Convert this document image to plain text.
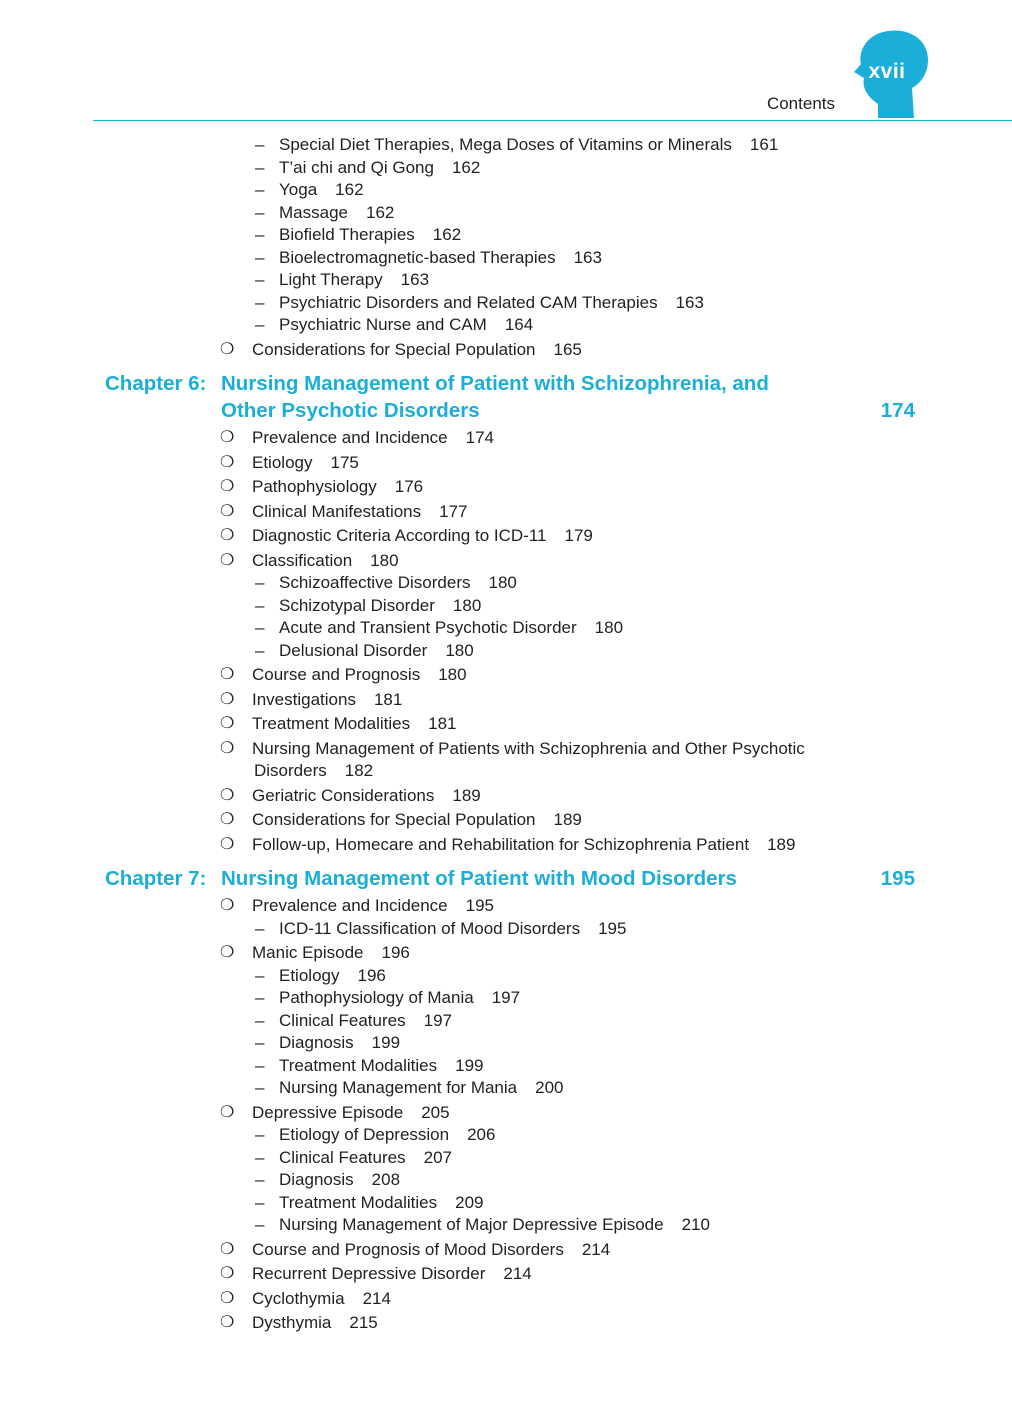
xvii
Contents
– Special Diet Therapies, Mega Doses of Vitamins or Minerals 161
– T’ai chi and Qi Gong 162
– Yoga 162
– Massage 162
– Biofield Therapies 162
– Bioelectromagnetic-based Therapies 163
– Light Therapy 163
– Psychiatric Disorders and Related CAM Therapies 163
– Psychiatric Nurse and CAM 164
❍ Considerations for Special Population 165
Chapter 6: Nursing Management of Patient with Schizophrenia, and Other Psychotic Disorders	174
❍ Prevalence and Incidence 174
❍ Etiology 175
❍ Pathophysiology 176
❍ Clinical Manifestations 177
❍ Diagnostic Criteria According to ICD-11 179
❍ Classification 180
– Schizoaffective Disorders 180
– Schizotypal Disorder 180
– Acute and Transient Psychotic Disorder 180
– Delusional Disorder 180
❍ Course and Prognosis 180
❍ Investigations 181
❍ Treatment Modalities 181
❍ Nursing Management of Patients with Schizophrenia and Other Psychotic
Disorders 182
❍ Geriatric Considerations 189
❍ Considerations for Special Population 189
❍ Follow-up, Homecare and Rehabilitation for Schizophrenia Patient 189
Chapter 7: Nursing Management of Patient with Mood Disorders	195
❍ Prevalence and Incidence 195
– ICD-11 Classification of Mood Disorders 195
❍ Manic Episode 196
– Etiology 196
– Pathophysiology of Mania 197
– Clinical Features 197
– Diagnosis 199
– Treatment Modalities 199
– Nursing Management for Mania 200
❍ Depressive Episode 205
– Etiology of Depression 206
– Clinical Features 207
– Diagnosis 208
– Treatment Modalities 209
– Nursing Management of Major Depressive Episode 210
❍ Course and Prognosis of Mood Disorders 214
❍ Recurrent Depressive Disorder 214
❍ Cyclothymia 214
❍ Dysthymia 215
